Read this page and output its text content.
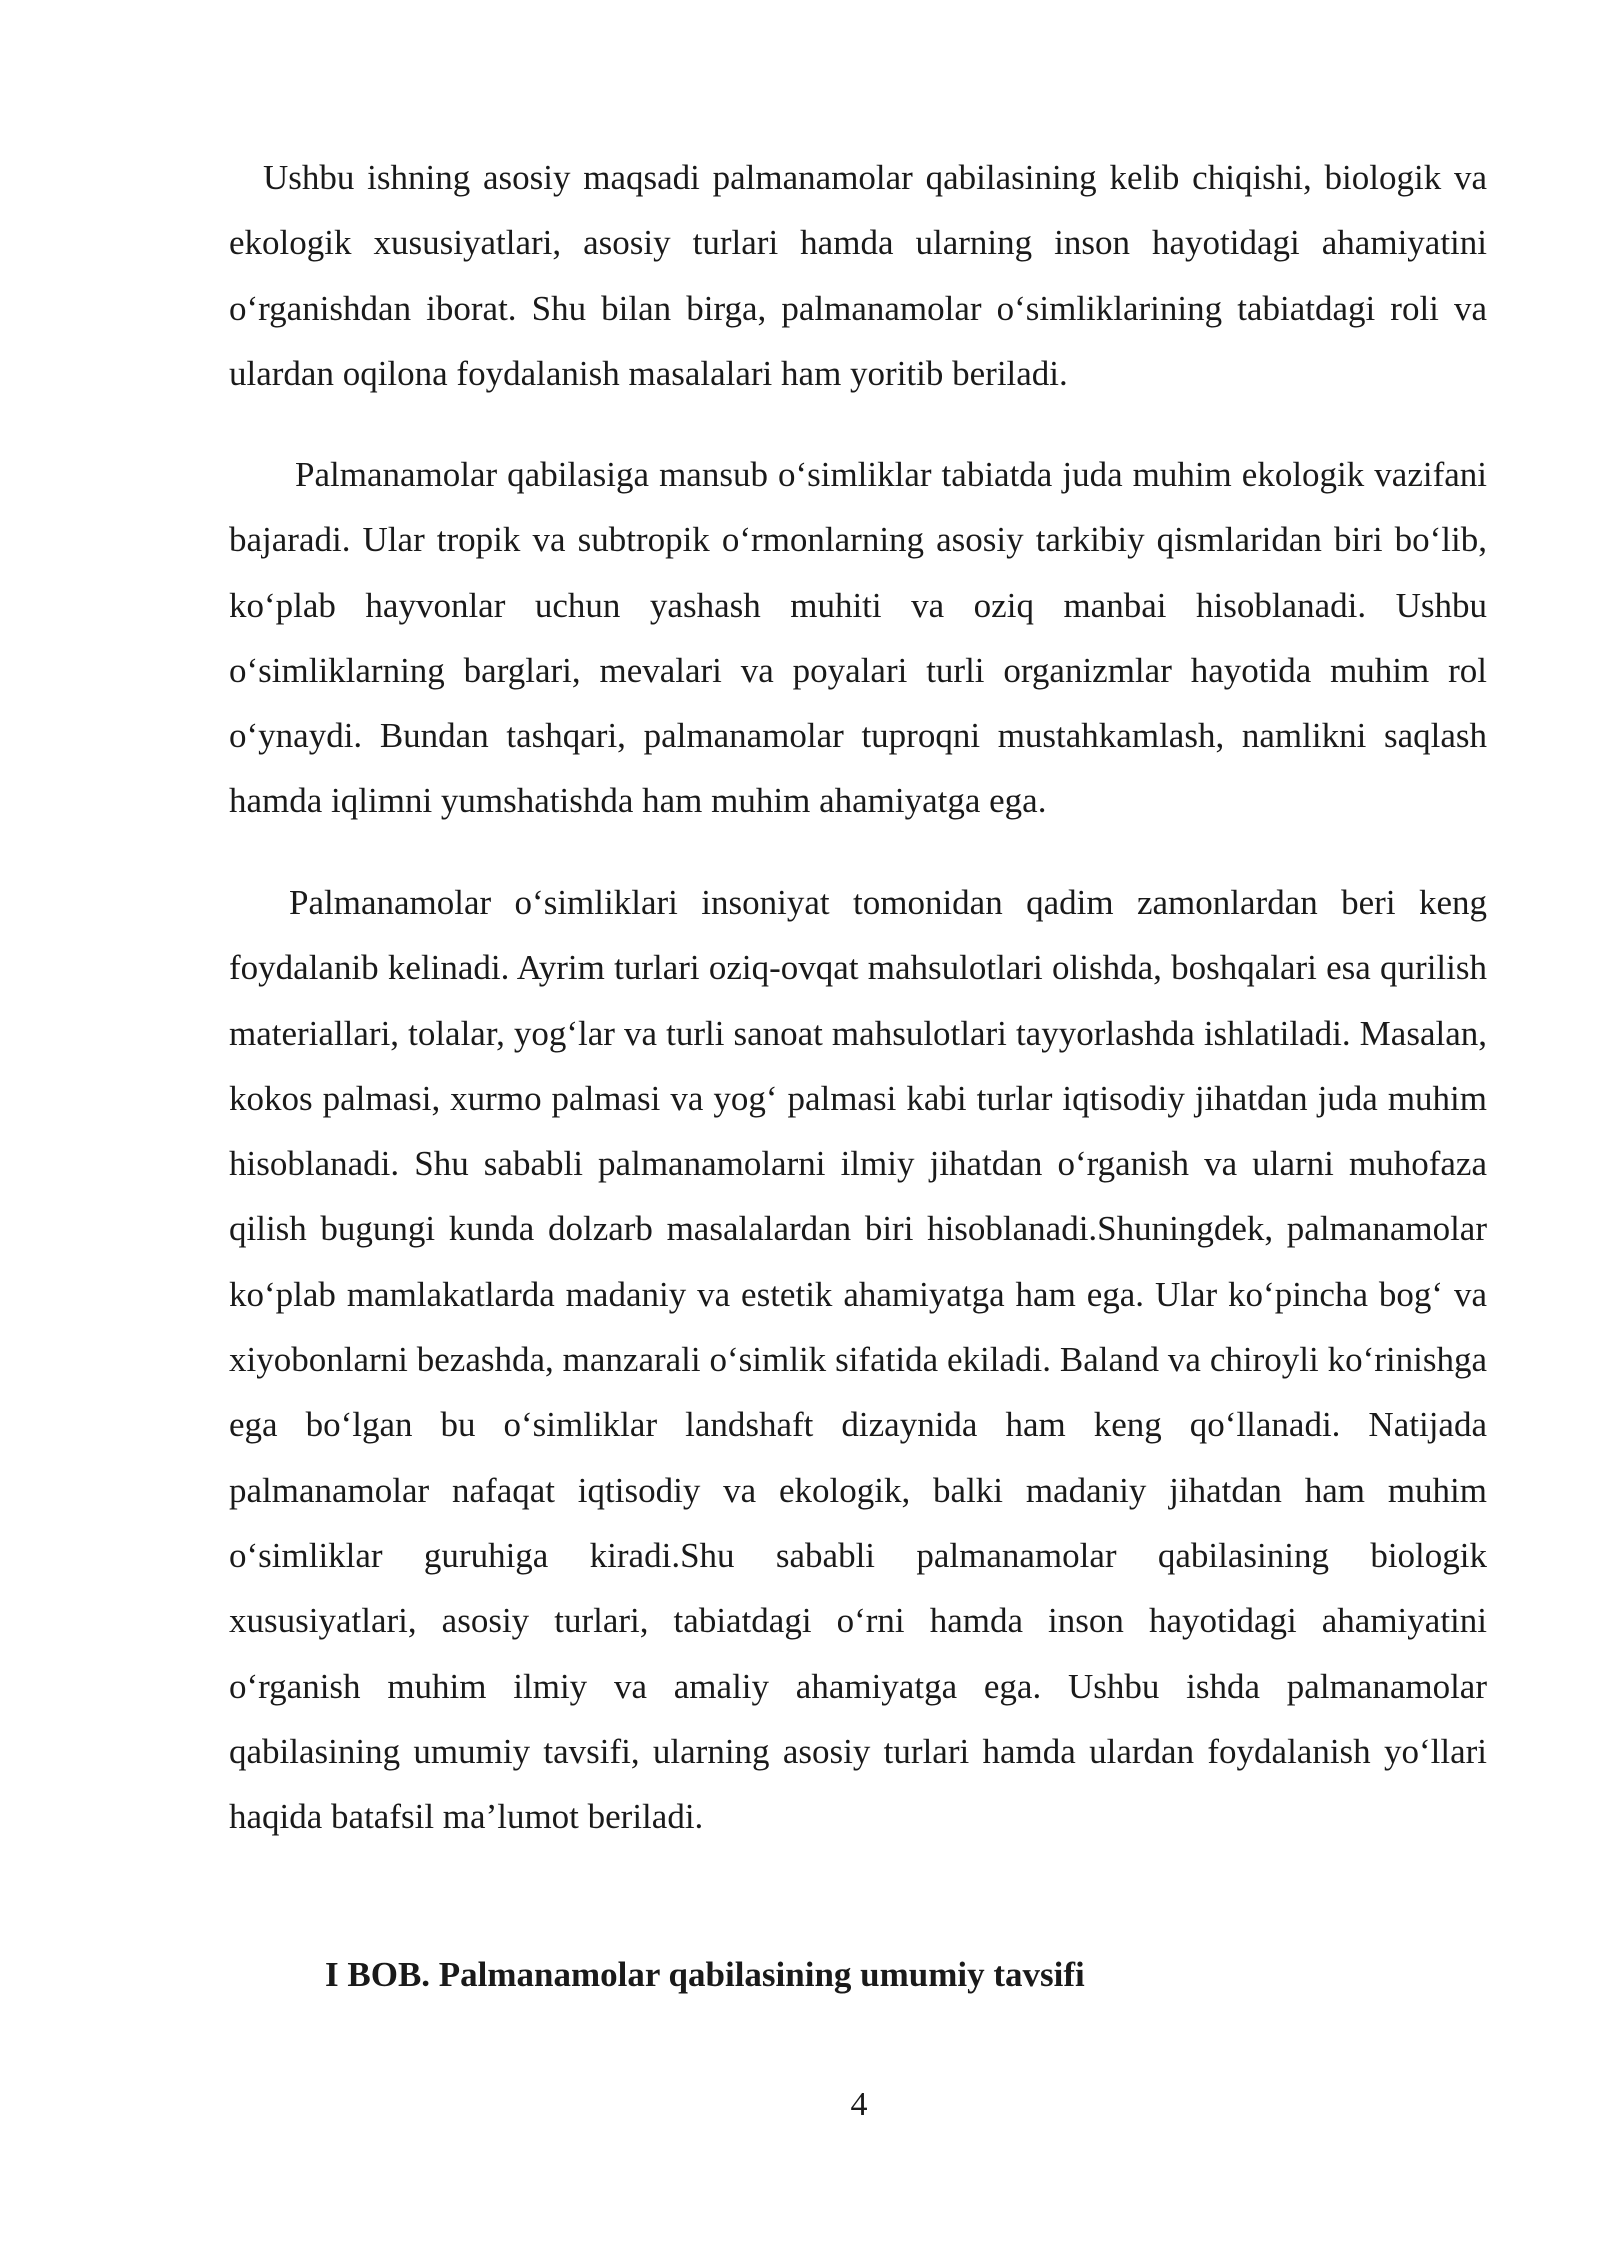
Ushbu ishning asosiy maqsadi palmanamolar qabilasining kelib chiqishi, biologik va ekologik xususiyatlari, asosiy turlari hamda ularning inson hayotidagi ahamiyatini o‘rganishdan iborat. Shu bilan birga, palmanamolar o‘simliklarining tabiatdagi roli va ulardan oqilona foydalanish masalalari ham yoritib beriladi.

Palmanamolar qabilasiga mansub o‘simliklar tabiatda juda muhim ekologik vazifani bajaradi. Ular tropik va subtropik o‘rmonlarning asosiy tarkibiy qismlaridan biri bo‘lib, ko‘plab hayvonlar uchun yashash muhiti va oziq manbai hisoblanadi. Ushbu o‘simliklarning barglari, mevalari va poyalari turli organizmlar hayotida muhim rol o‘ynaydi. Bundan tashqari, palmanamolar tuproqni mustahkamlash, namlikni saqlash hamda iqlimni yumshatishda ham muhim ahamiyatga ega.

Palmanamolar o‘simliklari insoniyat tomonidan qadim zamonlardan beri keng foydalanib kelinadi. Ayrim turlari oziq-ovqat mahsulotlari olishda, boshqalari esa qurilish materiallari, tolalar, yog‘lar va turli sanoat mahsulotlari tayyorlashda ishlatiladi. Masalan, kokos palmasi, xurmo palmasi va yog‘ palmasi kabi turlar iqtisodiy jihatdan juda muhim hisoblanadi. Shu sababli palmanamolarni ilmiy jihatdan o‘rganish va ularni muhofaza qilish bugungi kunda dolzarb masalalardan biri hisoblanadi.Shuningdek, palmanamolar ko‘plab mamlakatlarda madaniy va estetik ahamiyatga ham ega. Ular ko‘pincha bog‘ va xiyobonlarni bezashda, manzarali o‘simlik sifatida ekiladi. Baland va chiroyli ko‘rinishga ega bo‘lgan bu o‘simliklar landshaft dizaynida ham keng qo‘llanadi. Natijada palmanamolar nafaqat iqtisodiy va ekologik, balki madaniy jihatdan ham muhim o‘simliklar guruhiga kiradi.Shu sababli palmanamolar qabilasining biologik xususiyatlari, asosiy turlari, tabiatdagi o‘rni hamda inson hayotidagi ahamiyatini o‘rganish muhim ilmiy va amaliy ahamiyatga ega. Ushbu ishda palmanamolar qabilasining umumiy tavsifi, ularning asosiy turlari hamda ulardan foydalanish yo‘llari haqida batafsil ma’lumot beriladi.

I BOB. Palmanamolar qabilasining umumiy tavsifi
4
